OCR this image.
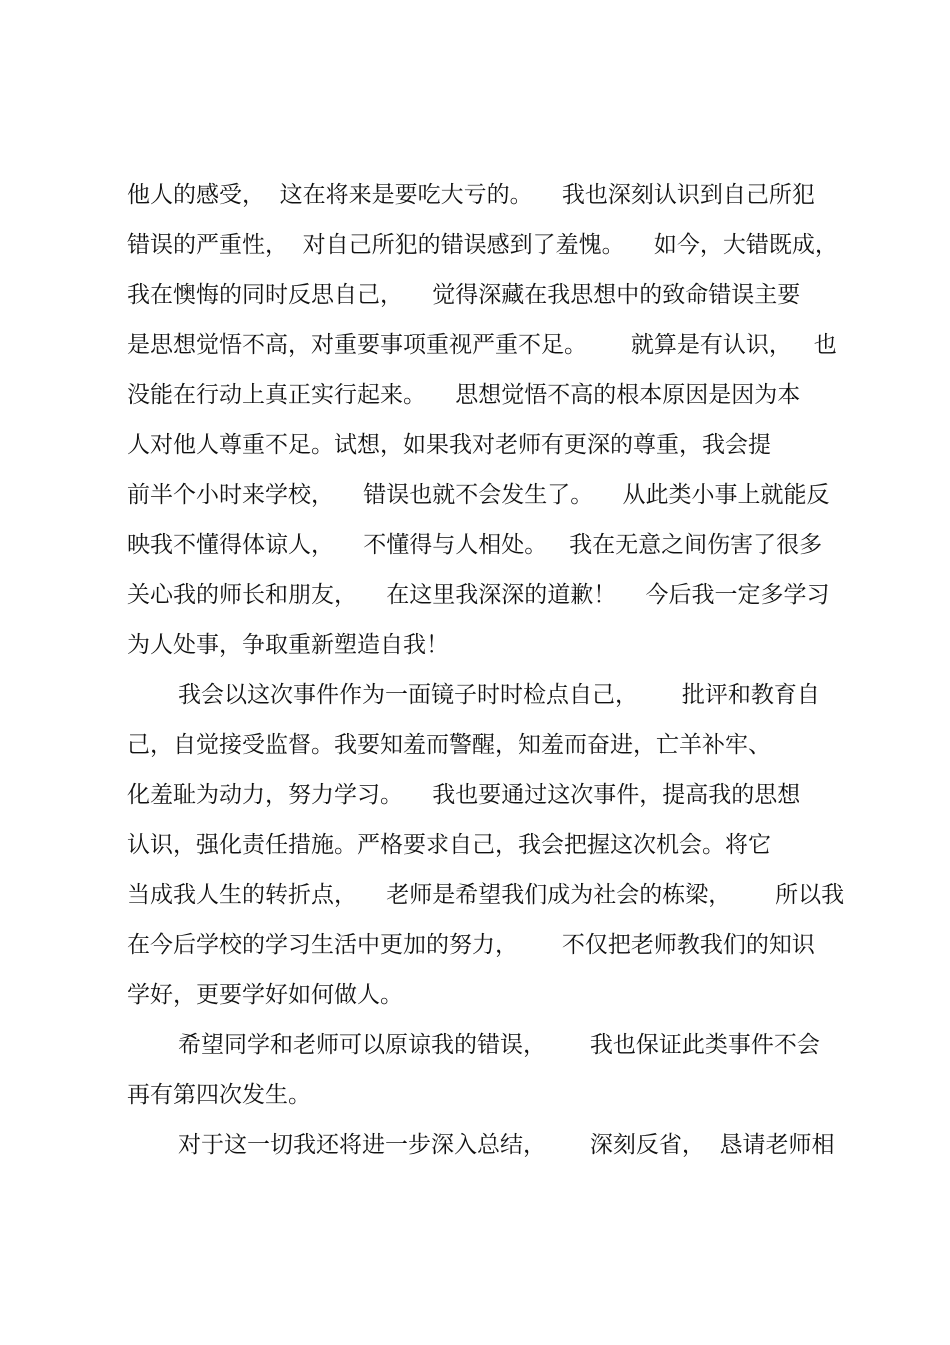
他人的感受，  这在将来是要吃大亏的。    我也深刻认识到自己所犯
错误的严重性，  对自己所犯的错误感到了羞愧。    如今，大错既成，
我在懊悔的同时反思自己，    觉得深藏在我思想中的致命错误主要
是思想觉悟不高，对重要事项重视严重不足。      就算是有认识，   也
没能在行动上真正实行起来。    思想觉悟不高的根本原因是因为本
人对他人尊重不足。试想，如果我对老师有更深的尊重，我会提
前半个小时来学校，    错误也就不会发生了。    从此类小事上就能反
映我不懂得体谅人，    不懂得与人相处。   我在无意之间伤害了很多
关心我的师长和朋友，    在这里我深深的道歉！    今后我一定多学习
为人处事，争取重新塑造自我！
我会以这次事件作为一面镜子时时检点自己，      批评和教育自
己，自觉接受监督。我要知羞而警醒，知羞而奋进，亡羊补牢、
化羞耻为动力，努力学习。    我也要通过这次事件，提高我的思想
认识，强化责任措施。严格要求自己，我会把握这次机会。将它
当成我人生的转折点，    老师是希望我们成为社会的栋梁，      所以我
在今后学校的学习生活中更加的努力，      不仅把老师教我们的知识
学好，更要学好如何做人。
希望同学和老师可以原谅我的错误，      我也保证此类事件不会
再有第四次发生。
对于这一切我还将进一步深入总结，      深刻反省，  恳请老师相
